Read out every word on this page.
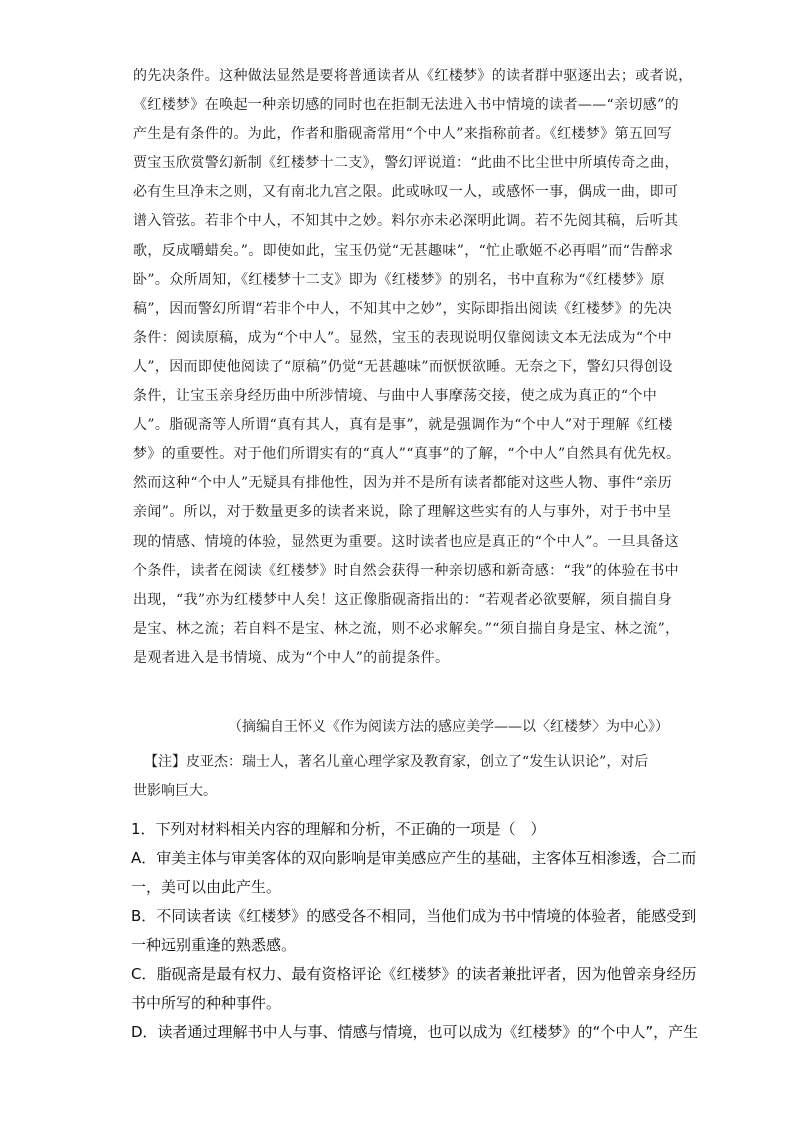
的先决条件。这种做法显然是要将普通读者从《红楼梦》的读者群中驱逐出去；或者说，
《红楼梦》在唤起一种亲切感的同时也在拒制无法进入书中情境的读者——“亲切感”的
产生是有条件的。为此，作者和脂砚斋常用“个中人”来指称前者。《红楼梦》第五回写
贾宝玉欣赏警幻新制《红楼梦十二支》，警幻评说道：“此曲不比尘世中所填传奇之曲，
必有生旦净末之则，又有南北九宫之限。此或咏叹一人，或感怀一事，偶成一曲，即可
谱入管弦。若非个中人，不知其中之妙。料尔亦未必深明此调。若不先阅其稿，后听其
歌，反成嚼蜡矣。”。即使如此，宝玉仍觉“无甚趣味”，“忙止歌姬不必再唱”而“告醉求
卧”。众所周知，《红楼梦十二支》即为《红楼梦》的别名，书中直称为“《红楼梦》原
稿”，因而警幻所谓“若非个中人，不知其中之妙”，实际即指出阅读《红楼梦》的先决
条件：阅读原稿，成为“个中人”。显然，宝玉的表现说明仅靠阅读文本无法成为“个中
人”，因而即使他阅读了“原稿”仍觉“无甚趣味”而恹恹欲睡。无奈之下，警幻只得创设
条件，让宝玉亲身经历曲中所涉情境、与曲中人事摩荡交接，使之成为真正的“个中
人”。脂砚斋等人所谓“真有其人，真有是事”，就是强调作为“个中人”对于理解《红楼
梦》的重要性。对于他们所谓实有的“真人”“真事”的了解，“个中人”自然具有优先权。
然而这种“个中人”无疑具有排他性，因为并不是所有读者都能对这些人物、事件“亲历
亲闻”。所以，对于数量更多的读者来说，除了理解这些实有的人与事外，对于书中呈
现的情感、情境的体验，显然更为重要。这时读者也应是真正的“个中人”。一旦具备这
个条件，读者在阅读《红楼梦》时自然会获得一种亲切感和新奇感：“我”的体验在书中
出现，“我”亦为红楼梦中人矣！这正像脂砚斋指出的：“若观者必欲要解，须自揣自身
是宝、林之流；若自料不是宝、林之流，则不必求解矣。”“须自揣自身是宝、林之流”，
是观者进入是书情境、成为“个中人”的前提条件。
（摘编自王怀义《作为阅读方法的感应美学——以〈红楼梦〉为中心》）
【注】皮亚杰：瑞士人，著名儿童心理学家及教育家，创立了“发生认识论”，对后
世影响巨大。
1．下列对材料相关内容的理解和分析，不正确的一项是（　）
A．审美主体与审美客体的双向影响是审美感应产生的基础，主客体互相渗透，合二而
一，美可以由此产生。
B．不同读者读《红楼梦》的感受各不相同，当他们成为书中情境的体验者，能感受到
一种远别重逢的熟悉感。
C．脂砚斋是最有权力、最有资格评论《红楼梦》的读者兼批评者，因为他曾亲身经历
书中所写的种种事件。
D．读者通过理解书中人与事、情感与情境，也可以成为《红楼梦》的“个中人”，产生
